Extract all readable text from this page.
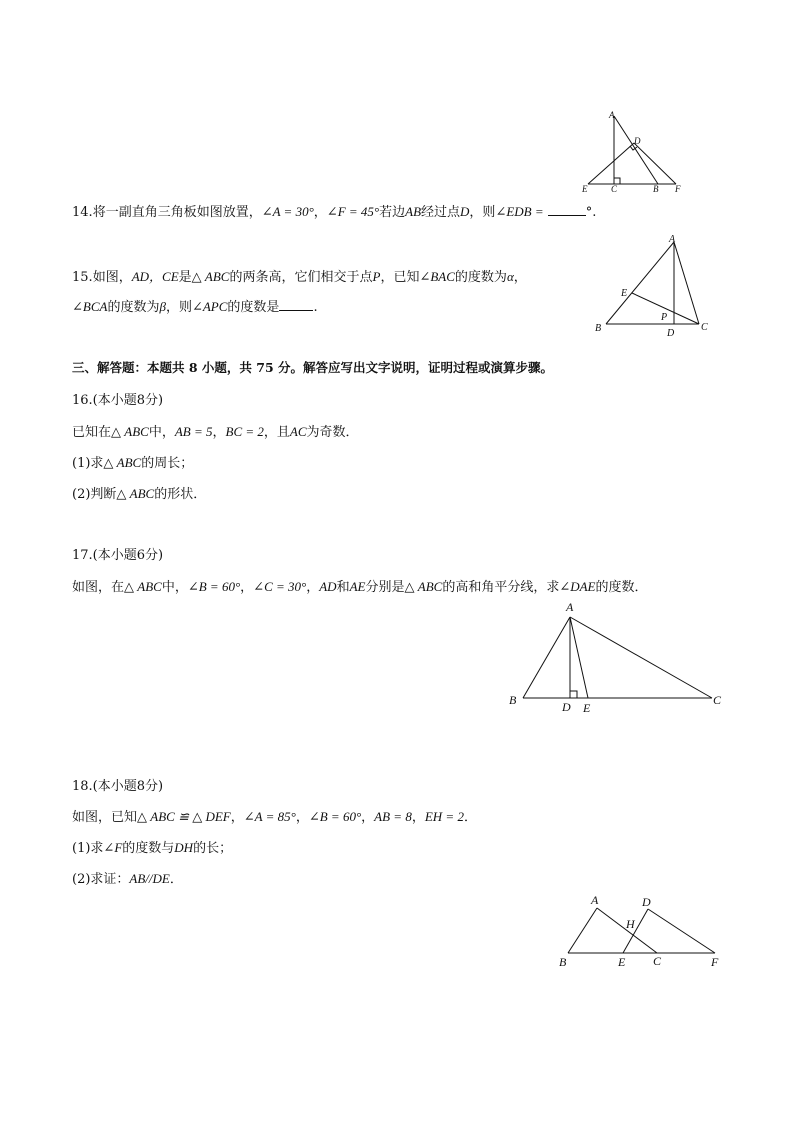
A
D
E	C	B F
14.将一副直角三角板如图放置，∠A = 30°，∠F = 45°若边AB经过点D，则∠EDB =	°.
A
E
P
B	D
C
15.如图，AD，CE是△ ABC的两条高，它们相交于点P，已知∠BAC的度数为α，
∠BCA的度数为β，则∠APC的度数是	.
三、解答题：本题共 8 小题，共 75 分。解答应写出文字说明，证明过程或演算步骤。
16.(本小题8分)
已知在△ ABC中，AB = 5，BC = 2，且AC为奇数．
(1)求△ ABC的周长；
(2)判断△ ABC的形状．
17.(本小题6分)
如图，在△ ABC中，∠B = 60°，∠C = 30°，AD和AE分别是△ ABC的高和角平分线，求∠DAE的度数．
A
B	D E
C
18.(本小题8分)
如图，已知△ ABC ≌ △ DEF，∠A = 85°，∠B = 60°，AB = 8，EH = 2．
(1)求∠F的度数与DH的长；
(2)求证：AB//DE．
A	D
H
B	E C	F
